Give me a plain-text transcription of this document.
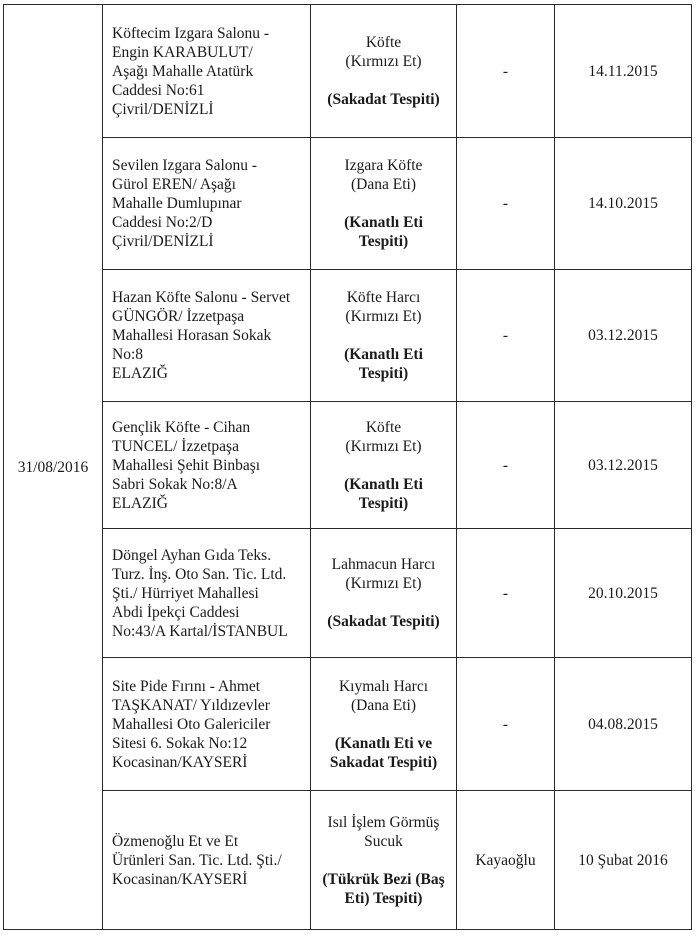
31/08/2016	Köftecim Izgara Salonu -
Engin KARABULUT/
Aşağı Mahalle Atatürk
Caddesi No:61
Çivril/DENİZLİ	Köfte
(Kırmızı Et)
(Sakadat Tespiti)	-	14.11.2015

	Sevilen Izgara Salonu -
Gürol EREN/ Aşağı
Mahalle Dumlupınar
Caddesi No:2/D
Çivril/DENİZLİ	Izgara Köfte
(Dana Eti)
(Kanatlı Eti
Tespiti)	-	14.10.2015

	Hazan Köfte Salonu - Servet
GÜNGÖR/ İzzetpaşa
Mahallesi Horasan Sokak
No:8
ELAZIĞ	Köfte Harcı
(Kırmızı Et)
(Kanatlı Eti
Tespiti)	-	03.12.2015

	Gençlik Köfte - Cihan
TUNCEL/ İzzetpaşa
Mahallesi Şehit Binbaşı
Sabri Sokak No:8/A
ELAZIĞ	Köfte
(Kırmızı Et)
(Kanatlı Eti
Tespiti)	-	03.12.2015

	Döngel Ayhan Gıda Teks.
Turz. İnş. Oto San. Tic. Ltd.
Şti./ Hürriyet Mahallesi
Abdi İpekçi Caddesi
No:43/A Kartal/İSTANBUL	Lahmacun Harcı
(Kırmızı Et)
(Sakadat Tespiti)	-	20.10.2015

	Site Pide Fırını - Ahmet
TAŞKANAT/ Yıldızevler
Mahallesi Oto Galericiler
Sitesi 6. Sokak No:12
Kocasinan/KAYSERİ	Kıymalı Harcı
(Dana Eti)
(Kanatlı Eti ve
Sakadat Tespiti)	-	04.08.2015

	Özmenoğlu Et ve Et
Ürünleri San. Tic. Ltd. Şti./
Kocasinan/KAYSERİ	Isıl İşlem Görmüş
Sucuk
(Tükrük Bezi (Baş
Eti) Tespiti)	Kayaoğlu	10 Şubat 2016
